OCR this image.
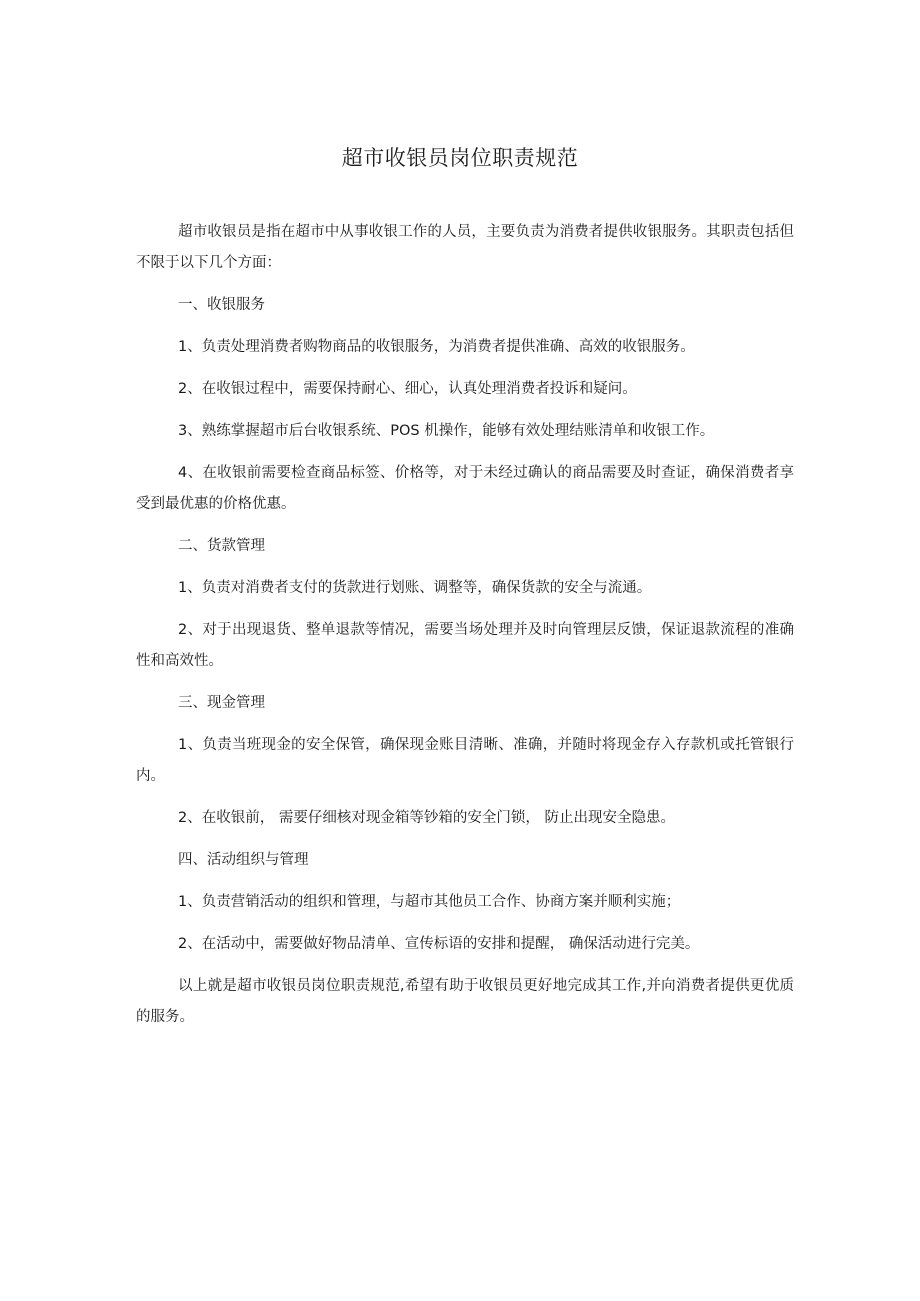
超市收银员岗位职责规范

超市收银员是指在超市中从事收银工作的人员，主要负责为消费者提供收银服务。其职责包括但不限于以下几个方面：

一、收银服务

1、负责处理消费者购物商品的收银服务，为消费者提供准确、高效的收银服务。

2、在收银过程中，需要保持耐心、细心，认真处理消费者投诉和疑问。

3、熟练掌握超市后台收银系统、POS 机操作，能够有效处理结账清单和收银工作。

4、在收银前需要检查商品标签、价格等，对于未经过确认的商品需要及时查证，确保消费者享受到最优惠的价格优惠。

二、货款管理

1、负责对消费者支付的货款进行划账、调整等，确保货款的安全与流通。

2、对于出现退货、整单退款等情况，需要当场处理并及时向管理层反馈，保证退款流程的准确性和高效性。

三、现金管理

1、负责当班现金的安全保管，确保现金账目清晰、准确，并随时将现金存入存款机或托管银行内。

2、在收银前， 需要仔细核对现金箱等钞箱的安全门锁， 防止出现安全隐患。

四、活动组织与管理

1、负责营销活动的组织和管理，与超市其他员工合作、协商方案并顺利实施；

2、在活动中，需要做好物品清单、宣传标语的安排和提醒， 确保活动进行完美。

以上就是超市收银员岗位职责规范,希望有助于收银员更好地完成其工作,并向消费者提供更优质的服务。
